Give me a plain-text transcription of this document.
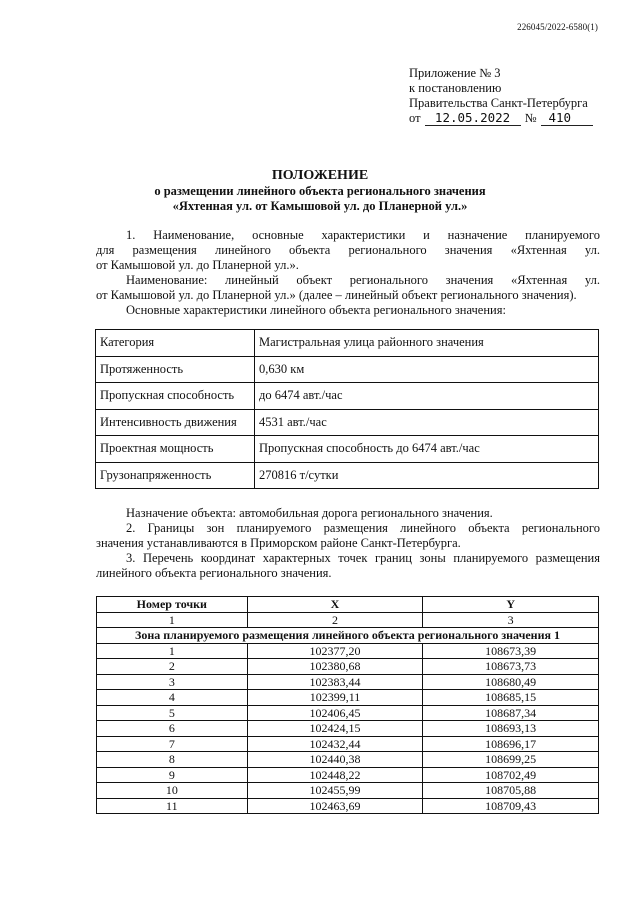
226045/2022-6580(1)
Приложение № 3
к постановлению
Правительства Санкт-Петербурга
от	12.05.2022	№ 410
ПОЛОЖЕНИЕ
о размещении линейного объекта регионального значения
«Яхтенная ул. от Камышовой ул. до Планерной ул.»
1. Наименование, основные характеристики и назначение планируемого
для размещения линейного объекта регионального значения «Яхтенная ул.
от Камышовой ул. до Планерной ул.».
Наименование: линейный объект регионального значения «Яхтенная ул.
от Камышовой ул. до Планерной ул.» (далее – линейный объект регионального значения).
Основные характеристики линейного объекта регионального значения:
Категория	Магистральная улица районного значения
Протяженность	0,630 км
Пропускная способность	до 6474 авт./час
Интенсивность движения	4531 авт./час
Проектная мощность	Пропускная способность до 6474 авт./час
Грузонапряженность	270816 т/сутки
Назначение объекта: автомобильная дорога регионального значения.
2. Границы зон планируемого размещения линейного объекта регионального
значения устанавливаются в Приморском районе Санкт-Петербурга.
3. Перечень координат характерных точек границ зоны планируемого размещения
линейного объекта регионального значения.
Номер точки	X	Y
1	2	3
Зона планируемого размещения линейного объекта регионального значения 1		
1	102377,20	108673,39
2	102380,68	108673,73
3	102383,44	108680,49
4	102399,11	108685,15
5	102406,45	108687,34
6	102424,15	108693,13
7	102432,44	108696,17
8	102440,38	108699,25
9	102448,22	108702,49
10	102455,99	108705,88
11	102463,69	108709,43
